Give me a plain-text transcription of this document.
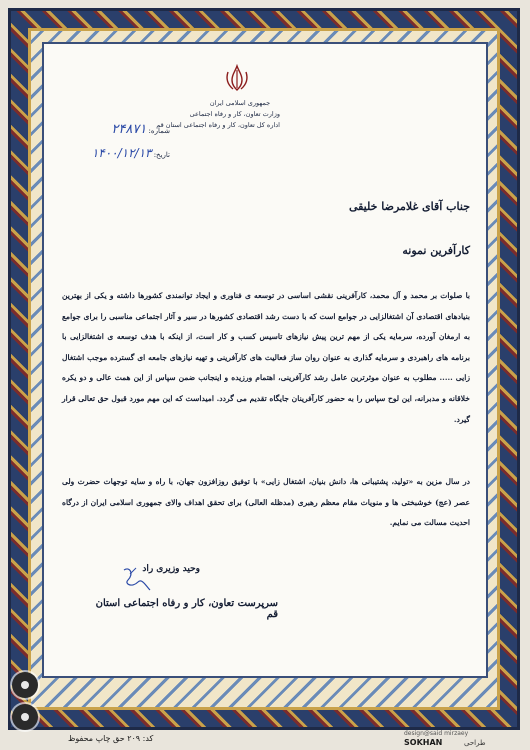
جمهوری اسلامی ایران
وزارت تعاون، کار و رفاه اجتماعی
اداره کل تعاون، کار و رفاه اجتماعی استان قم
شماره: ۲۴۸۷۱
تاریخ: ۱۴۰۰/۱۲/۱۳
جناب آقای غلامرضا خلیقی
کارآفرین نمونه
با صلوات بر محمد و آل محمد، کارآفرینی نقشی اساسی در توسعه ی فناوری و ایجاد توانمندی کشورها داشته و یکی از بهترین بنیادهای اقتصادی آن اشتغالزایی در جوامع است که با دست رشد اقتصادی کشورها در سیر و آثار اجتماعی مناسبی را برای جوامع به ارمغان آورده، سرمایه یکی از مهم ترین پیش نیازهای تاسیس کسب و کار است، از اینکه با هدف توسعه ی اشتغالزایی با برنامه های راهبردی و سرمایه گذاری به عنوان روان ساز فعالیت های کارآفرینی و تهیه نیازهای جامعه ای گسترده موجب اشتغال زایی ..... مطلوب به عنوان موثرترین عامل رشد کارآفرینی، اهتمام ورزیده و اینجانب ضمن سپاس از این همت عالی و دو یکره خلاقانه و مدبرانه، این لوح سپاس را به حضور کارآفرینان جایگاه تقدیم می گردد. امیداست که این مهم مورد قبول حق تعالی قرار گیرد.
در سال مزین به «تولید، پشتیبانی ها، دانش بنیان، اشتغال زایی» با توفیق روزافزون جهان، با راه و سایه توجهات حضرت ولی عصر (عج) خوشبختی ها و منویات مقام معظم رهبری (مدظله العالی) برای تحقق اهداف والای جمهوری اسلامی ایران از درگاه احدیت مسالت می نمایم.
وحید وزیری راد
سرپرست تعاون، کار و رفاه اجتماعی استان قم
کد: ۲۰۹ حق چاپ محفوظ
design@said mirzaey
SOKHAN	طراحی
